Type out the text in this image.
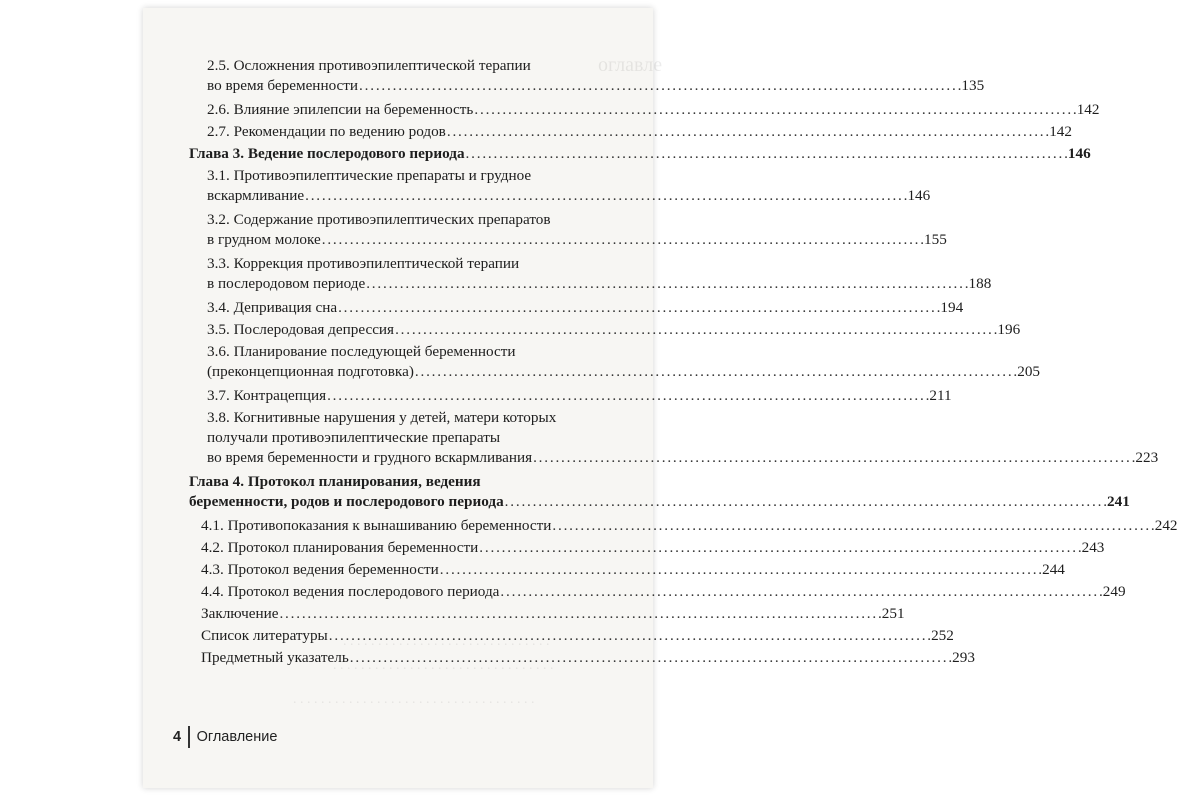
оглавле
. . . . . . . . . . . . . . . . . . . . . . . . . . . . . .
. . . . . . . . . . . . . . . . . . . . . . . . . . . . . . . .
. . . . . . . . . . . . . . . . . . . . . . . . . . . . . . . . . . .
2.5. Осложнения противоэпилептической терапии
во время беременности . . .	135
2.6. Влияние эпилепсии на беременность . . .	142
2.7. Рекомендации по ведению родов . . .	142
Глава 3. Ведение послеродового периода . . .	146
3.1. Противоэпилептические препараты и грудное
вскармливание . . .	146
3.2. Содержание противоэпилептических препаратов
в грудном молоке . . .	155
3.3. Коррекция противоэпилептической терапии
в послеродовом периоде . . .	188
3.4. Депривация сна . . .	194
3.5. Послеродовая депрессия . . .	196
3.6. Планирование последующей беременности
(преконцепционная подготовка) . . .	205
3.7. Контрацепция . . .	211
3.8. Когнитивные нарушения у детей, матери которых
получали противоэпилептические препараты
во время беременности и грудного вскармливания . . .	223
Глава 4. Протокол планирования, ведения
беременности, родов и послеродового периода . . .	241
4.1. Противопоказания к вынашиванию беременности . . .	242
4.2. Протокол планирования беременности . . .	243
4.3. Протокол ведения беременности . . .	244
4.4. Протокол ведения послеродового периода . . .	249
Заключение . . .	251
Список литературы . . .	252
Предметный указатель . . .	293
4 Оглавление
